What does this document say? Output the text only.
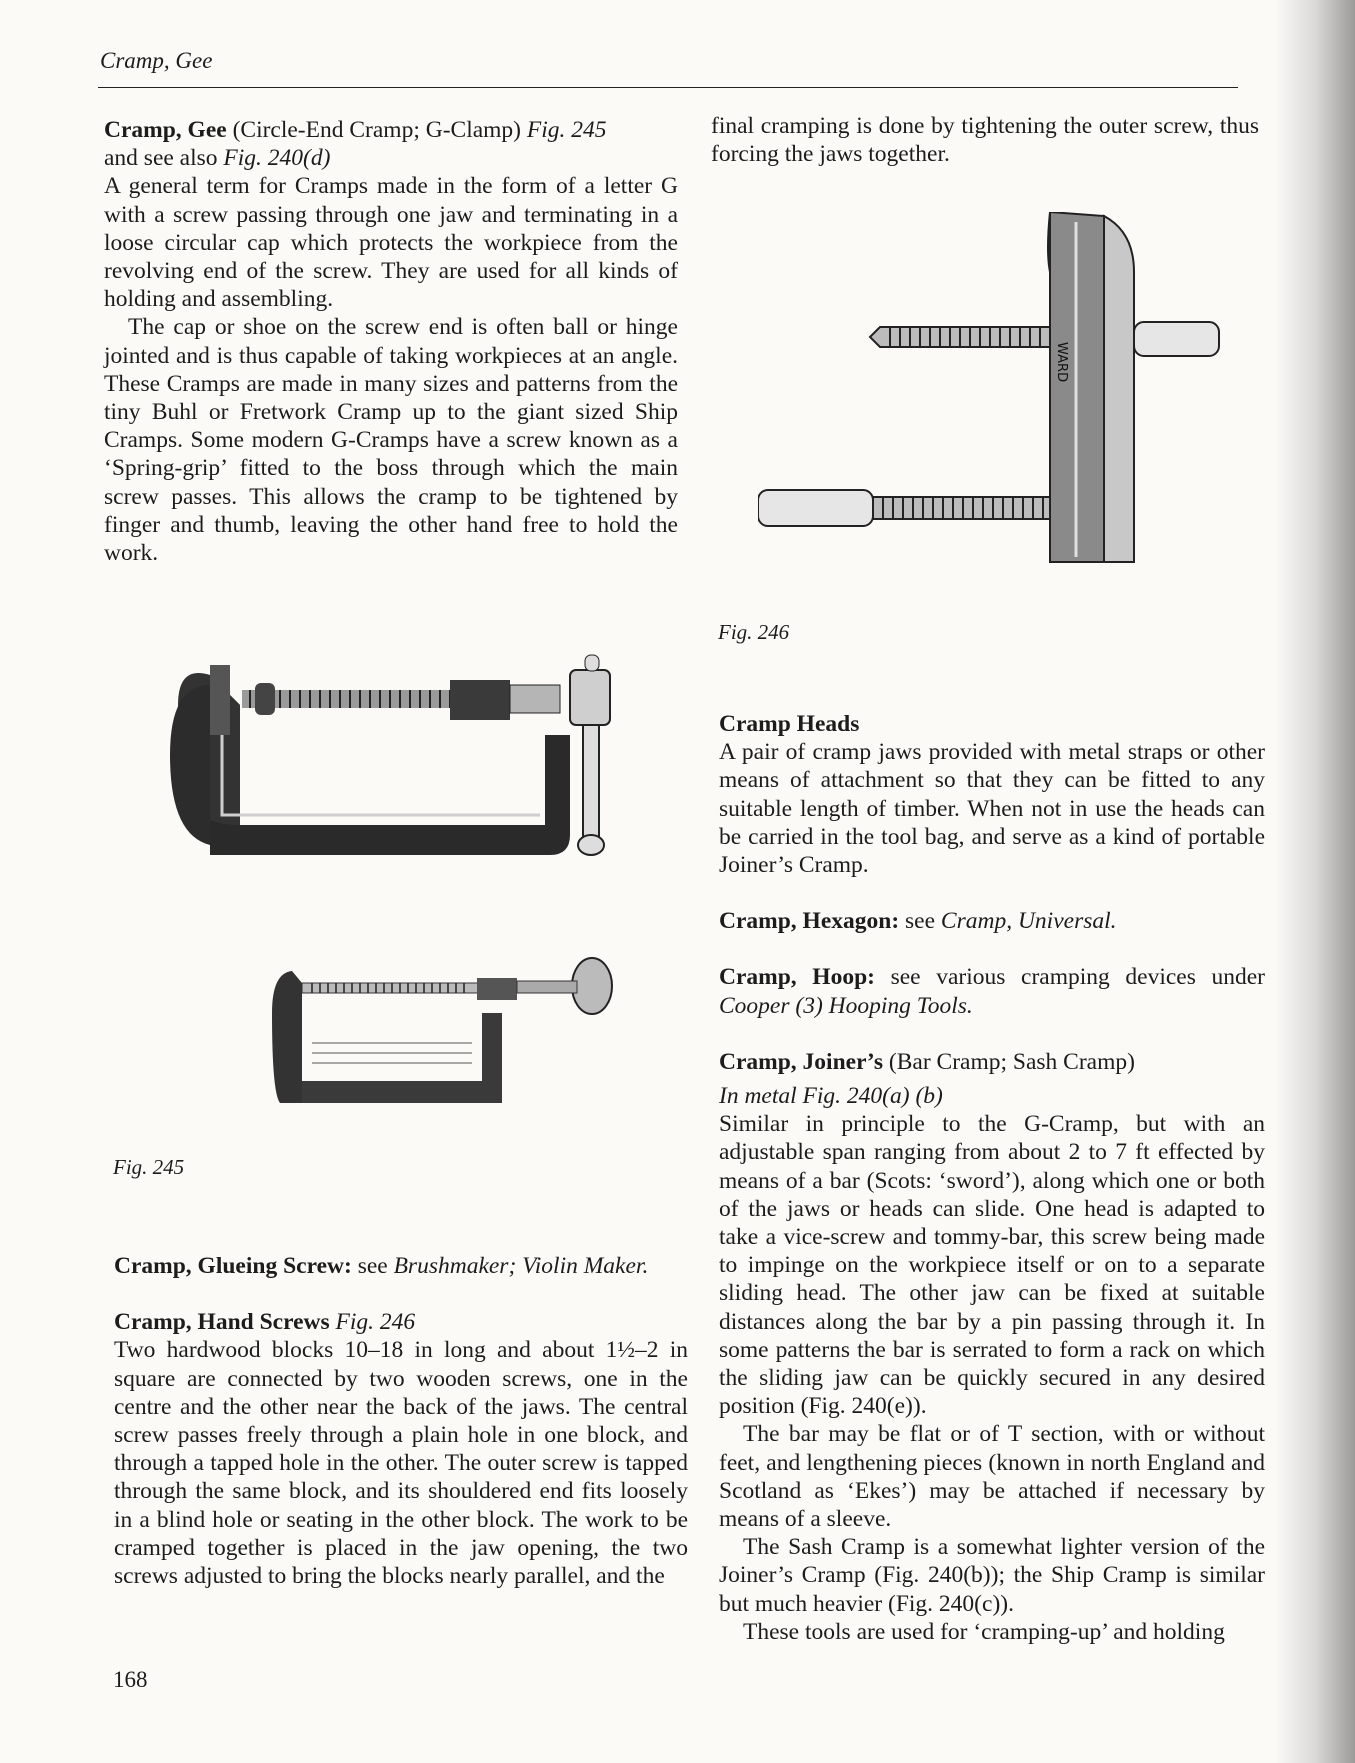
Cramp, Gee

Cramp, Gee (Circle-End Cramp; G-Clamp) Fig. 245
and see also Fig. 240(d)

A general term for Cramps made in the form of a letter G with a screw passing through one jaw and terminating in a loose circular cap which protects the workpiece from the revolving end of the screw. They are used for all kinds of holding and assembling.

The cap or shoe on the screw end is often ball or hinge jointed and is thus capable of taking workpieces at an angle. These Cramps are made in many sizes and patterns from the tiny Buhl or Fretwork Cramp up to the giant sized Ship Cramps. Some modern G-Cramps have a screw known as a ‘Spring-grip’ fitted to the boss through which the main screw passes. This allows the cramp to be tightened by finger and thumb, leaving the other hand free to hold the work.

Fig. 245

Cramp, Glueing Screw: see Brushmaker; Violin Maker.

Cramp, Hand Screws Fig. 246

Two hardwood blocks 10–18 in long and about 1½–2 in square are connected by two wooden screws, one in the centre and the other near the back of the jaws. The central screw passes freely through a plain hole in one block, and through a tapped hole in the other. The outer screw is tapped through the same block, and its shouldered end fits loosely in a blind hole or seating in the other block. The work to be cramped together is placed in the jaw opening, the two screws adjusted to bring the blocks nearly parallel, and the

168

final cramping is done by tightening the outer screw, thus forcing the jaws together.

WARD
Fig. 246

Cramp Heads

A pair of cramp jaws provided with metal straps or other means of attachment so that they can be fitted to any suitable length of timber. When not in use the heads can be carried in the tool bag, and serve as a kind of portable Joiner’s Cramp.

Cramp, Hexagon: see Cramp, Universal.

Cramp, Hoop: see various cramping devices under Cooper (3) Hooping Tools.

Cramp, Joiner’s (Bar Cramp; Sash Cramp)

In metal Fig. 240(a) (b)

Similar in principle to the G-Cramp, but with an adjustable span ranging from about 2 to 7 ft effected by means of a bar (Scots: ‘sword’), along which one or both of the jaws or heads can slide. One head is adapted to take a vice-screw and tommy-bar, this screw being made to impinge on the workpiece itself or on to a separate sliding head. The other jaw can be fixed at suitable distances along the bar by a pin passing through it. In some patterns the bar is serrated to form a rack on which the sliding jaw can be quickly secured in any desired position (Fig. 240(e)).

The bar may be flat or of T section, with or without feet, and lengthening pieces (known in north England and Scotland as ‘Ekes’) may be attached if necessary by means of a sleeve.

The Sash Cramp is a somewhat lighter version of the Joiner’s Cramp (Fig. 240(b)); the Ship Cramp is similar but much heavier (Fig. 240(c)).

These tools are used for ‘cramping-up’ and holding
